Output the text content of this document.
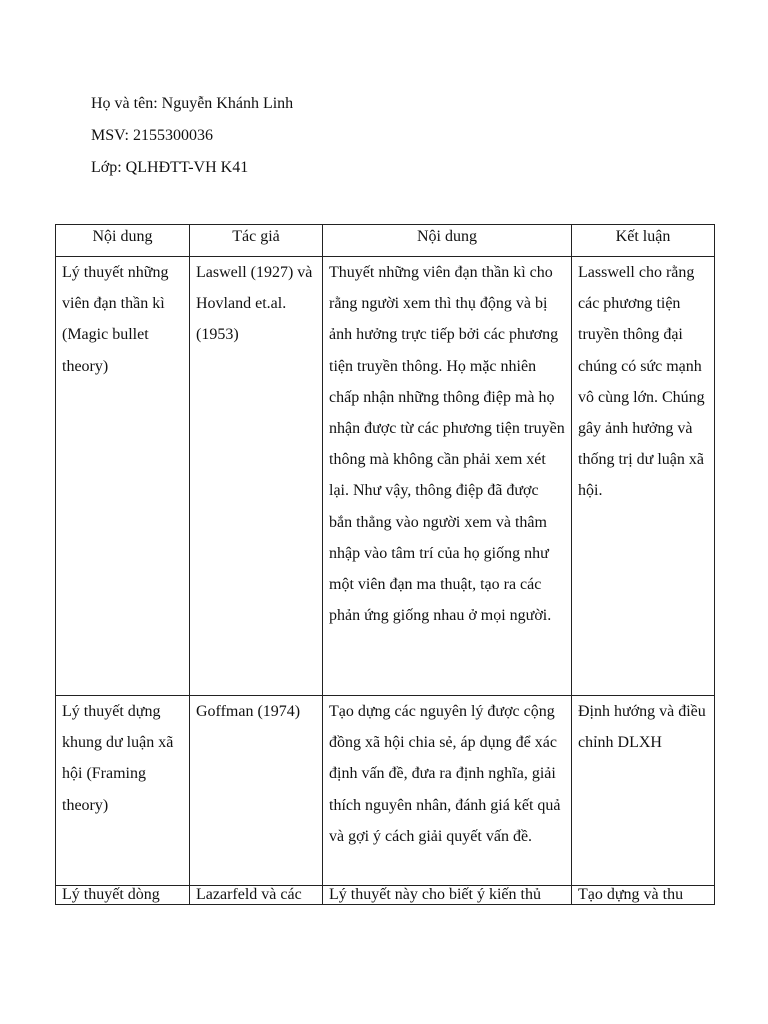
Họ và tên: Nguyễn Khánh Linh
MSV: 2155300036
Lớp: QLHĐTT-VH K41
Nội dung	Tác giả	Nội dung	Kết luận

Lý thuyết những viên đạn thần kì (Magic bullet theory)	Laswell (1927) và Hovland et.al. (1953)	Thuyết những viên đạn thần kì cho rằng người xem thì thụ động và bị ảnh hưởng trực tiếp bởi các phương tiện truyền thông. Họ mặc nhiên chấp nhận những thông điệp mà họ nhận được từ các phương tiện truyền thông mà không cần phải xem xét lại. Như vậy, thông điệp đã được bắn thẳng vào người xem và thâm nhập vào tâm trí của họ giống như một viên đạn ma thuật, tạo ra các phản ứng giống nhau ở mọi người.	Lasswell cho rằng các phương tiện truyền thông đại chúng có sức mạnh vô cùng lớn. Chúng gây ảnh hưởng và thống trị dư luận xã hội.

Lý thuyết dựng khung dư luận xã hội (Framing theory)	Goffman (1974)	Tạo dựng các nguyên lý được cộng đồng xã hội chia sẻ, áp dụng để xác định vấn đề, đưa ra định nghĩa, giải thích nguyên nhân, đánh giá kết quả và gợi ý cách giải quyết vấn đề.	Định hướng và điều chỉnh DLXH

Lý thuyết dòng	Lazarfeld và các	Lý thuyết này cho biết ý kiến thủ	Tạo dựng và thu
